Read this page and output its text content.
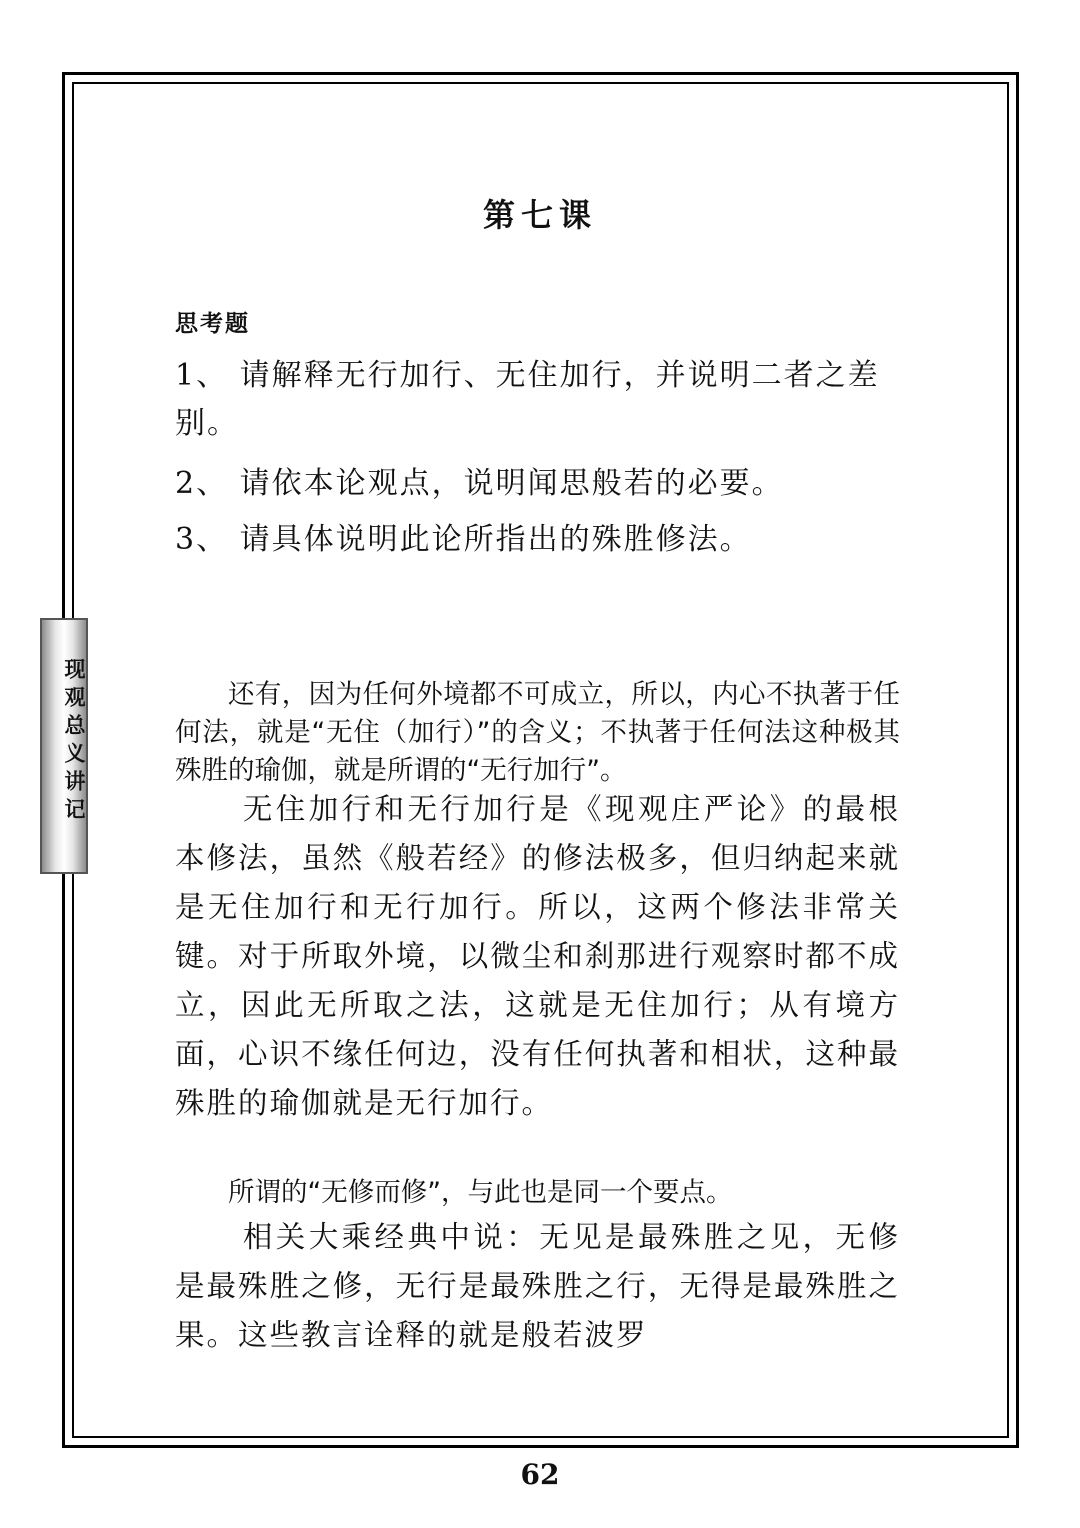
现观总义讲记
第七课
思考题

1、 请解释无行加行、无住加行，并说明二者之差别。

2、 请依本论观点，说明闻思般若的必要。

3、 请具体说明此论所指出的殊胜修法。

还有，因为任何外境都不可成立，所以，内心不执著于任何法，就是“无住（加行）”的含义；不执著于任何法这种极其殊胜的瑜伽，就是所谓的“无行加行”。

无住加行和无行加行是《现观庄严论》的最根本修法，虽然《般若经》的修法极多，但归纳起来就是无住加行和无行加行。所以，这两个修法非常关键。对于所取外境，以微尘和刹那进行观察时都不成立，因此无所取之法，这就是无住加行；从有境方面，心识不缘任何边，没有任何执著和相状，这种最殊胜的瑜伽就是无行加行。

所谓的“无修而修”，与此也是同一个要点。

相关大乘经典中说：无见是最殊胜之见，无修是最殊胜之修，无行是最殊胜之行，无得是最殊胜之果。这些教言诠释的就是般若波罗

62
